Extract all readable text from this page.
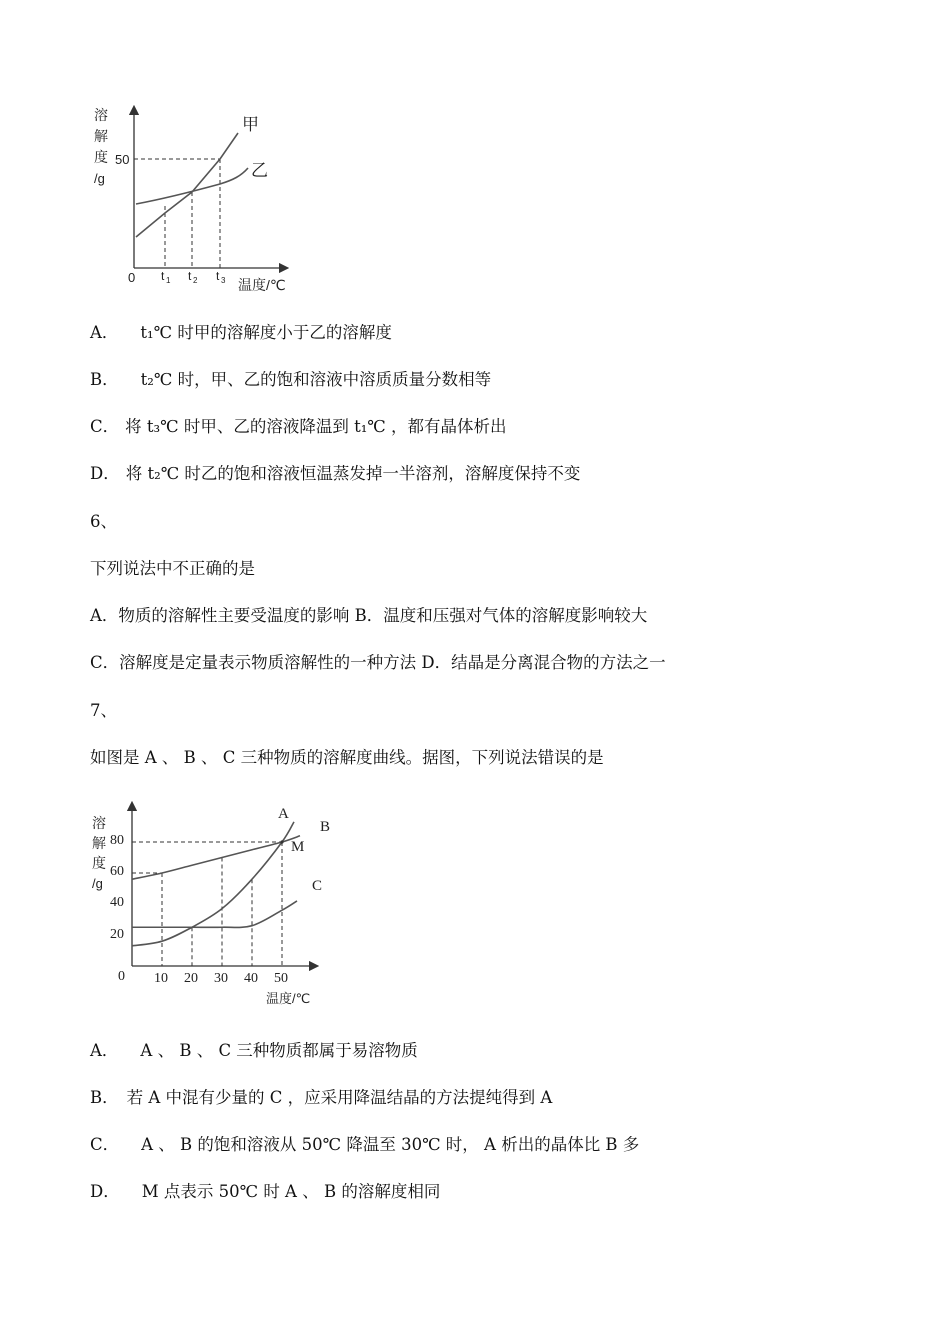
溶
解
度
/g
50
0 t 1 t 2 t 3 温度/℃
甲
乙
A． t₁℃ 时甲的溶解度小于乙的溶解度
B． t₂℃ 时，甲、乙的饱和溶液中溶质质量分数相等
C． 将 t₃℃ 时甲、乙的溶液降温到 t₁℃ ，都有晶体析出
D． 将 t₂℃ 时乙的饱和溶液恒温蒸发掉一半溶剂，溶解度保持不变
6、
下列说法中不正确的是
A．物质的溶解性主要受温度的影响 B．温度和压强对气体的溶解度影响较大
C．溶解度是定量表示物质溶解性的一种方法 D．结晶是分离混合物的方法之一
7、
如图是 A 、 B 、 C 三种物质的溶解度曲线。据图，下列说法错误的是
溶
解
度
/g
80
60
40
20
0 10 20 30 40 50
温度/℃
A
B
C
M
A． A 、 B 、 C 三种物质都属于易溶物质
B． 若 A 中混有少量的 C ，应采用降温结晶的方法提纯得到 A
C． A 、 B 的饱和溶液从 50℃ 降温至 30℃ 时， A 析出的晶体比 B 多
D． M 点表示 50℃ 时 A 、 B 的溶解度相同
